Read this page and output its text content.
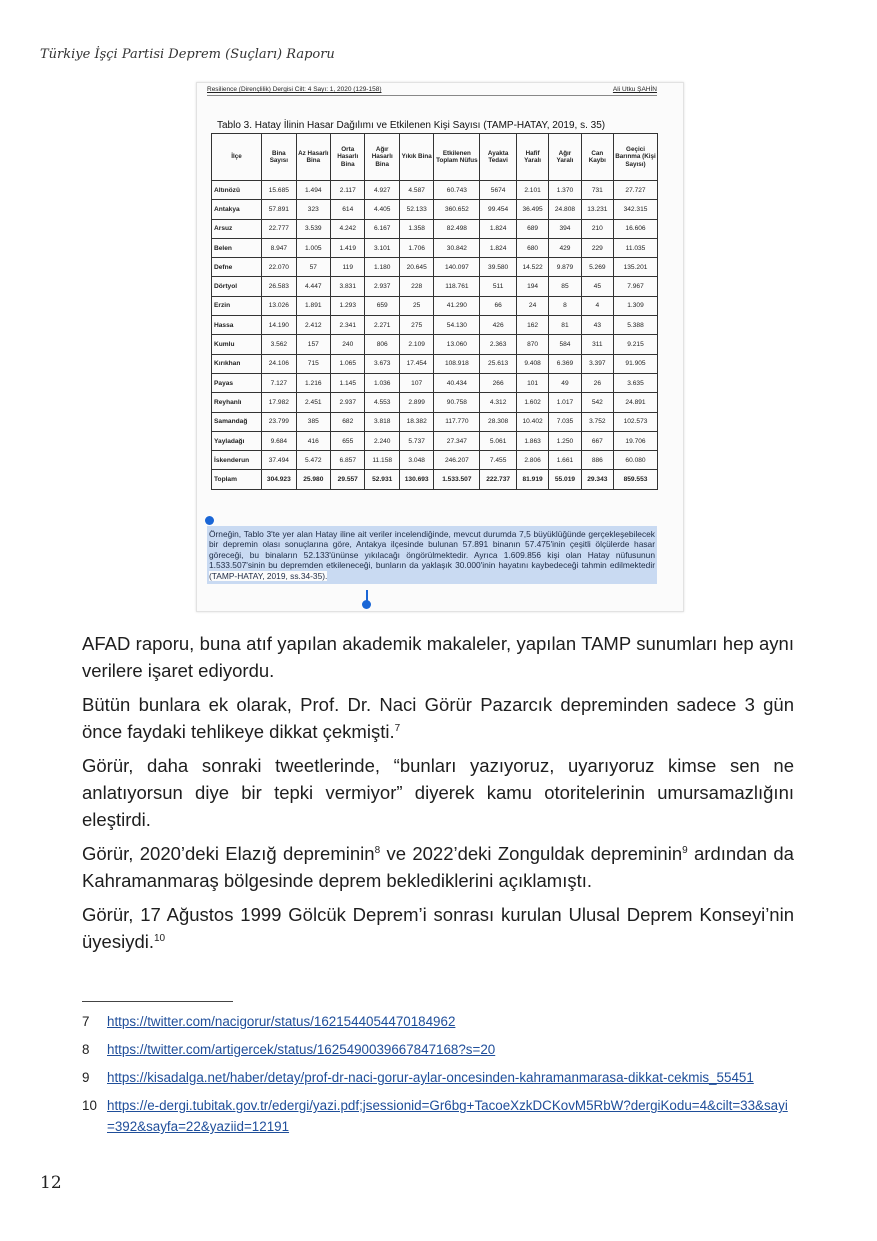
Türkiye İşçi Partisi Deprem (Suçları) Raporu
Resilience (Dirençlilik) Dergisi Cilt: 4 Sayı: 1, 2020 (129-158)	Ali Utku ŞAHİN
Tablo 3. Hatay İlinin Hasar Dağılımı ve Etkilenen Kişi Sayısı (TAMP-HATAY, 2019, s. 35)
İlçe	Bina Sayısı	Az Hasarlı Bina	Orta Hasarlı Bina	Ağır Hasarlı Bina	Yıkık Bina	Etkilenen Toplam Nüfus	Ayakta Tedavi	Hafif Yaralı	Ağır Yaralı	Can Kaybı	Geçici Barınma (Kişi Sayısı)
Altınözü	15.685	1.494	2.117	4.927	4.587	60.743	5674	2.101	1.370	731	27.727
Antakya	57.891	323	614	4.405	52.133	360.652	99.454	36.495	24.808	13.231	342.315
Arsuz	22.777	3.539	4.242	6.167	1.358	82.498	1.824	689	394	210	16.606
Belen	8.947	1.005	1.419	3.101	1.706	30.842	1.824	680	429	229	11.035
Defne	22.070	57	119	1.180	20.645	140.097	39.580	14.522	9.879	5.269	135.201
Dörtyol	26.583	4.447	3.831	2.937	228	118.761	511	194	85	45	7.967
Erzin	13.026	1.891	1.293	659	25	41.290	66	24	8	4	1.309
Hassa	14.190	2.412	2.341	2.271	275	54.130	426	162	81	43	5.388
Kumlu	3.562	157	240	806	2.109	13.060	2.363	870	584	311	9.215
Kırıkhan	24.106	715	1.065	3.673	17.454	108.918	25.613	9.408	6.369	3.397	91.905
Payas	7.127	1.216	1.145	1.036	107	40.434	266	101	49	26	3.635
Reyhanlı	17.982	2.451	2.937	4.553	2.899	90.758	4.312	1.602	1.017	542	24.891
Samandağ	23.799	385	682	3.818	18.382	117.770	28.308	10.402	7.035	3.752	102.573
Yayladağı	9.684	416	655	2.240	5.737	27.347	5.061	1.863	1.250	667	19.706
İskenderun	37.494	5.472	6.857	11.158	3.048	246.207	7.455	2.806	1.661	886	60.080
Toplam	304.923	25.980	29.557	52.931	130.693	1.533.507	222.737	81.919	55.019	29.343	859.553
Örneğin, Tablo 3'te yer alan Hatay iline ait veriler incelendiğinde, mevcut durumda 7,5 büyüklüğünde gerçekleşebilecek bir depremin olası sonuçlarına göre, Antakya ilçesinde bulunan 57.891 binanın 57.475'inin çeşitli ölçülerde hasar göreceği, bu binaların 52.133'ününse yıkılacağı öngörülmektedir. Ayrıca 1.609.856 kişi olan Hatay nüfusunun 1.533.507'sinin bu depremden etkileneceği, bunların da yaklaşık 30.000'inin hayatını kaybedeceği tahmin edilmektedir (TAMP-HATAY, 2019, ss.34-35).

AFAD raporu, buna atıf yapılan akademik makaleler, yapılan TAMP sunumları hep aynı verilere işaret ediyordu.

Bütün bunlara ek olarak, Prof. Dr. Naci Görür Pazarcık depreminden sadece 3 gün önce faydaki tehlikeye dikkat çekmişti.$^7$

Görür, daha sonraki tweetlerinde, “bunları yazıyoruz, uyarıyoruz kimse sen ne anlatıyorsun diye bir tepki vermiyor” diyerek kamu otoritelerinin umursamazlığını eleştirdi.

Görür, 2020’deki Elazığ depreminin$^8$ ve 2022’deki Zonguldak depreminin$^9$ ardından da Kahramanmaraş bölgesinde deprem beklediklerini açıklamıştı.

Görür, 17 Ağustos 1999 Gölcük Deprem’i sonrası kurulan Ulusal Deprem Konseyi’nin üyesiydi.$^{10}$

7	https://twitter.com/nacigorur/status/1621544054470184962
8	https://twitter.com/artigercek/status/1625490039667847168?s=20
9	https://kisadalga.net/haber/detay/prof-dr-naci-gorur-aylar-oncesinden-kahramanmarasa-dikkat-cekmis_55451
10 https://e-dergi.tubitak.gov.tr/edergi/yazi.pdf;jsessionid=Gr6bg+TacoeXzkDCKovM5RbW?dergiKodu=4&cilt=33&sayi=392&sayfa=22&yaziid=12191
12
